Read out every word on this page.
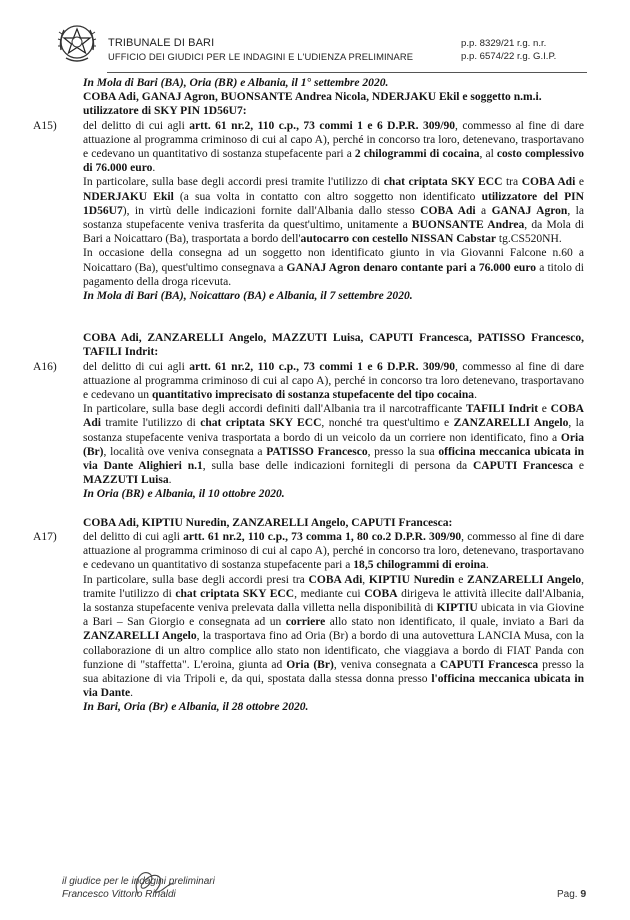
TRIBUNALE DI BARI
UFFICIO DEI GIUDICI PER LE INDAGINI E L'UDIENZA PRELIMINARE
p.p. 8329/21 r.g. n.r.
p.p. 6574/22 r.g. G.I.P.

In Mola di Bari (BA), Oria (BR) e Albania, il 1° settembre 2020.

COBA Adi, GANAJ Agron, BUONSANTE Andrea Nicola, NDERJAKU Ekil e soggetto n.m.i. utilizzatore di SKY PIN 1D56U7:

A15) del delitto di cui agli artt. 61 nr.2, 110 c.p., 73 commi 1 e 6 D.P.R. 309/90, commesso al fine di dare attuazione al programma criminoso di cui al capo A), perché in concorso tra loro, detenevano, trasportavano e cedevano un quantitativo di sostanza stupefacente pari a 2 chilogrammi di cocaina, al costo complessivo di 76.000 euro.

In particolare, sulla base degli accordi presi tramite l'utilizzo di chat criptata SKY ECC tra COBA Adi e NDERJAKU Ekil (a sua volta in contatto con altro soggetto non identificato utilizzatore del PIN 1D56U7), in virtù delle indicazioni fornite dall'Albania dallo stesso COBA Adi a GANAJ Agron, la sostanza stupefacente veniva trasferita da quest'ultimo, unitamente a BUONSANTE Andrea, da Mola di Bari a Noicattaro (Ba), trasportata a bordo dell'autocarro con cestello NISSAN Cabstar tg.CS520NH.

In occasione della consegna ad un soggetto non identificato giunto in via Giovanni Falcone n.60 a Noicattaro (Ba), quest'ultimo consegnava a GANAJ Agron denaro contante pari a 76.000 euro a titolo di pagamento della droga ricevuta.

In Mola di Bari (BA), Noicattaro (BA) e Albania, il 7 settembre 2020.

COBA Adi, ZANZARELLI Angelo, MAZZUTI Luisa, CAPUTI Francesca, PATISSO Francesco, TAFILI Indrit:

A16) del delitto di cui agli artt. 61 nr.2, 110 c.p., 73 commi 1 e 6 D.P.R. 309/90, commesso al fine di dare attuazione al programma criminoso di cui al capo A), perché in concorso tra loro detenevano, trasportavano e cedevano un quantitativo imprecisato di sostanza stupefacente del tipo cocaina.

In particolare, sulla base degli accordi definiti dall'Albania tra il narcotrafficante TAFILI Indrit e COBA Adi tramite l'utilizzo di chat criptata SKY ECC, nonché tra quest'ultimo e ZANZARELLI Angelo, la sostanza stupefacente veniva trasportata a bordo di un veicolo da un corriere non identificato, fino a Oria (Br), località ove veniva consegnata a PATISSO Francesco, presso la sua officina meccanica ubicata in via Dante Alighieri n.1, sulla base delle indicazioni fornitegli di persona da CAPUTI Francesca e MAZZUTI Luisa.

In Oria (BR) e Albania, il 10 ottobre 2020.

COBA Adi, KIPTIU Nuredin, ZANZARELLI Angelo, CAPUTI Francesca:

A17) del delitto di cui agli artt. 61 nr.2, 110 c.p., 73 comma 1, 80 co.2 D.P.R. 309/90, commesso al fine di dare attuazione al programma criminoso di cui al capo A), perché in concorso tra loro, detenevano, trasportavano e cedevano un quantitativo di sostanza stupefacente pari a 18,5 chilogrammi di eroina.

In particolare, sulla base degli accordi presi tra COBA Adi, KIPTIU Nuredin e ZANZARELLI Angelo, tramite l'utilizzo di chat criptata SKY ECC, mediante cui COBA dirigeva le attività illecite dall'Albania, la sostanza stupefacente veniva prelevata dalla villetta nella disponibilità di KIPTIU ubicata in via Giovine a Bari – San Giorgio e consegnata ad un corriere allo stato non identificato, il quale, inviato a Bari da ZANZARELLI Angelo, la trasportava fino ad Oria (Br) a bordo di una autovettura LANCIA Musa, con la collaborazione di un altro complice allo stato non identificato, che viaggiava a bordo di FIAT Panda con funzione di "staffetta". L'eroina, giunta ad Oria (Br), veniva consegnata a CAPUTI Francesca presso la sua abitazione di via Tripoli e, da qui, spostata dalla stessa donna presso l'officina meccanica ubicata in via Dante.

In Bari, Oria (Br) e Albania, il 28 ottobre 2020.

il giudice per le indagini preliminari
Francesco Vittorio Rinaldi	Pag. 9
